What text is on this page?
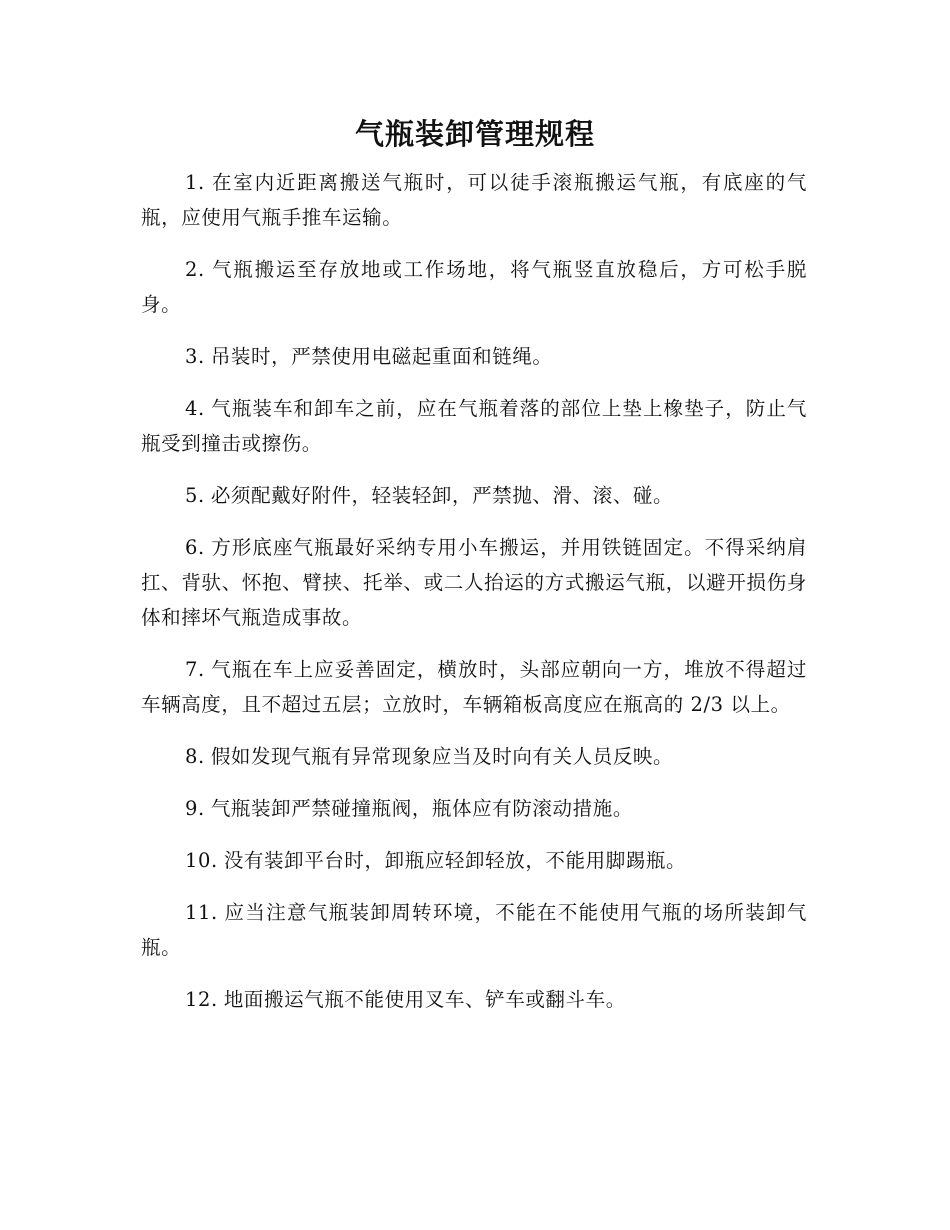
气瓶装卸管理规程

1. 在室内近距离搬送气瓶时，可以徒手滚瓶搬运气瓶，有底座的气瓶，应使用气瓶手推车运输。

2. 气瓶搬运至存放地或工作场地，将气瓶竖直放稳后，方可松手脱身。

3. 吊装时，严禁使用电磁起重面和链绳。

4. 气瓶装车和卸车之前，应在气瓶着落的部位上垫上橡垫子，防止气瓶受到撞击或擦伤。

5. 必须配戴好附件，轻装轻卸，严禁抛、滑、滚、碰。

6. 方形底座气瓶最好采纳专用小车搬运，并用铁链固定。不得采纳肩扛、背驮、怀抱、臂挟、托举、或二人抬运的方式搬运气瓶，以避开损伤身体和摔坏气瓶造成事故。

7. 气瓶在车上应妥善固定，横放时，头部应朝向一方，堆放不得超过车辆高度，且不超过五层；立放时，车辆箱板高度应在瓶高的 2/3 以上。

8. 假如发现气瓶有异常现象应当及时向有关人员反映。

9. 气瓶装卸严禁碰撞瓶阀，瓶体应有防滚动措施。

10. 没有装卸平台时，卸瓶应轻卸轻放，不能用脚踢瓶。

11. 应当注意气瓶装卸周转环境，不能在不能使用气瓶的场所装卸气瓶。

12. 地面搬运气瓶不能使用叉车、铲车或翻斗车。
